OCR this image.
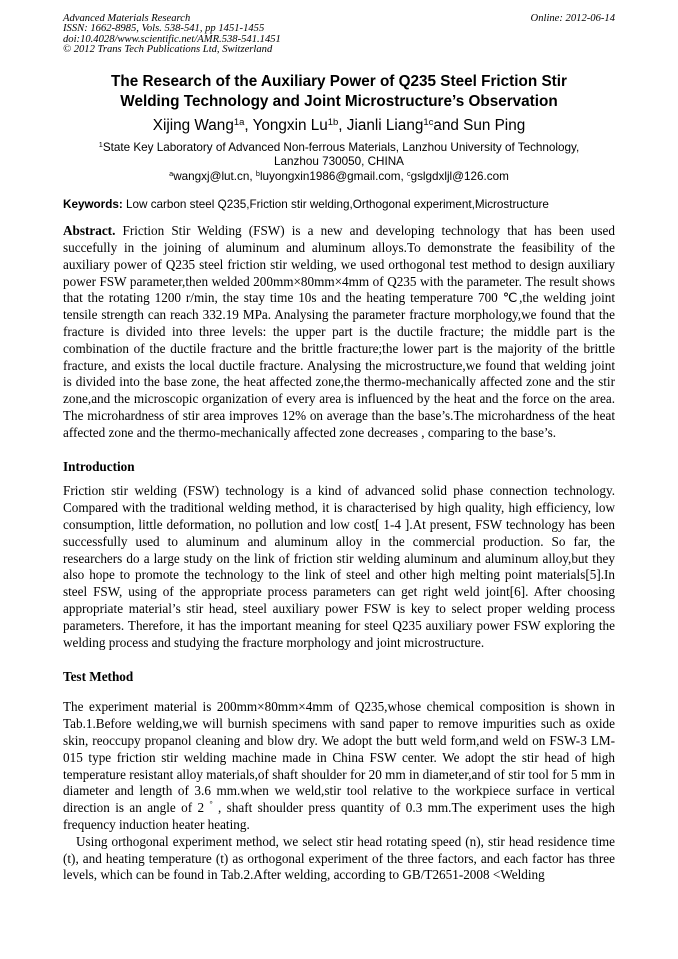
Advanced Materials Research
ISSN: 1662-8985, Vols. 538-541, pp 1451-1455
doi:10.4028/www.scientific.net/AMR.538-541.1451
© 2012 Trans Tech Publications Ltd, Switzerland
Online: 2012-06-14
The Research of the Auxiliary Power of Q235 Steel Friction Stir
Welding Technology and Joint Microstructure’s Observation
Xijing Wang$^{1a}$, Yongxin $Lu^{1b}$, Jianli Liang$^{1c}$and Sun Ping
$^1$State Key Laboratory of Advanced Non-ferrous Materials, Lanzhou University of Technology,
Lanzhou 730050, CHINA
$^a$wangxj@lut.cn, $^b$luyongxin1986@gmail.com, $^c$gslgdxljl@126.com
Keywords: Low carbon steel Q235,Friction stir welding,Orthogonal experiment,Microstructure

Abstract. Friction Stir Welding (FSW) is a new and developing technology that has been used succefully in the joining of aluminum and aluminum alloys.To demonstrate the feasibility of the auxiliary power of Q235 steel friction stir welding, we used orthogonal test method to design auxiliary power FSW parameter,then welded 200mm×80mm×4mm of Q235 with the parameter. The result shows that the rotating 1200 r/min, the stay time 10s and the heating temperature 700 ℃,the welding joint tensile strength can reach 332.19 MPa. Analysing the parameter fracture morphology,we found that the fracture is divided into three levels: the upper part is the ductile fracture; the middle part is the combination of the ductile fracture and the brittle fracture;the lower part is the majority of the brittle fracture, and exists the local ductile fracture. Analysing the microstructure,we found that welding joint is divided into the base zone, the heat affected zone,the thermo-mechanically affected zone and the stir zone,and the microscopic organization of every area is influenced by the heat and the force on the area. The microhardness of stir area improves 12% on average than the base’s.The microhardness of the heat affected zone and the thermo-mechanically affected zone decreases , comparing to the base’s.

Introduction

Friction stir welding (FSW) technology is a kind of advanced solid phase connection technology. Compared with the traditional welding method, it is characterised by high quality, high efficiency, low consumption, little deformation, no pollution and low cost[ 1-4 ].At present, FSW technology has been successfully used to aluminum and aluminum alloy in the commercial production. So far, the researchers do a large study on the link of friction stir welding aluminum and aluminum alloy,but they also hope to promote the technology to the link of steel and other high melting point materials[5].In steel FSW, using of the appropriate process parameters can get right weld joint[6]. After choosing appropriate material’s stir head, steel auxiliary power FSW is key to select proper welding process parameters. Therefore, it has the important meaning for steel Q235 auxiliary power FSW exploring the welding process and studying the fracture morphology and joint microstructure.

Test Method

The experiment material is 200mm×80mm×4mm of Q235,whose chemical composition is shown in Tab.1.Before welding,we will burnish specimens with sand paper to remove impurities such as oxide skin, reoccupy propanol cleaning and blow dry. We adopt the butt weld form,and weld on FSW-3 LM-015 type friction stir welding machine made in China FSW center. We adopt the stir head of high temperature resistant alloy materials,of shaft shoulder for 20 mm in diameter,and of stir tool for 5 mm in diameter and length of 3.6 mm.when we weld,stir tool relative to the workpiece surface in vertical direction is an angle of 2 ° , shaft shoulder press quantity of 0.3 mm.The experiment uses the high frequency induction heater heating.

Using orthogonal experiment method, we select stir head rotating speed (n), stir head residence time (t), and heating temperature (t) as orthogonal experiment of the three factors, and each factor has three levels, which can be found in Tab.2.After welding, according to GB/T2651-2008 <Welding
